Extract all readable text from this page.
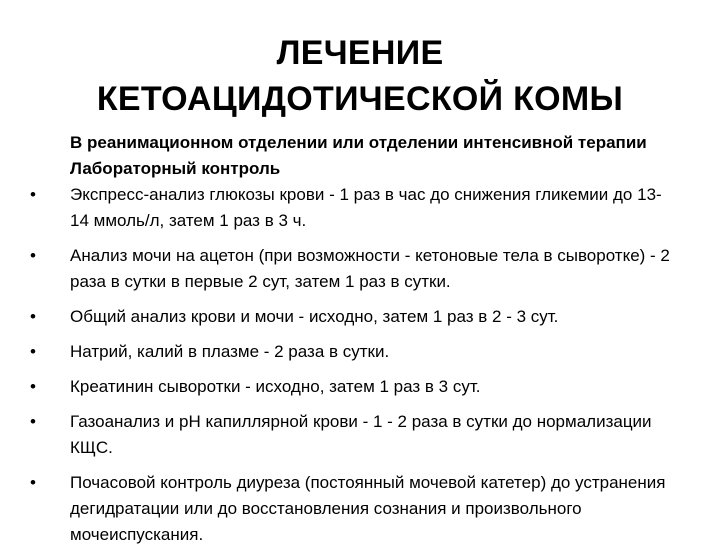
ЛЕЧЕНИЕ
КЕТОАЦИДОТИЧЕСКОЙ КОМЫ
В реанимационном отделении или отделении интенсивной терапии Лабораторный контроль
• Экспресс-анализ глюкозы крови - 1 раз в час до снижения гликемии до 13-14 ммоль/л, затем 1 раз в 3 ч.
• Анализ мочи на ацетон (при возможности - кетоновые тела в сыворотке) - 2 раза в сутки в первые 2 сут, затем 1 раз в сутки.
• Общий анализ крови и мочи - исходно, затем 1 раз в 2 - 3 сут.
• Натрий, калий в плазме - 2 раза в сутки.
• Креатинин сыворотки - исходно, затем 1 раз в 3 сут.
• Газоанализ и рН капиллярной крови - 1 - 2 раза в сутки до нормализации КЩС.
• Почасовой контроль диуреза (постоянный мочевой катетер) до устранения дегидратации или до восстановления сознания и произвольного мочеиспускания.
